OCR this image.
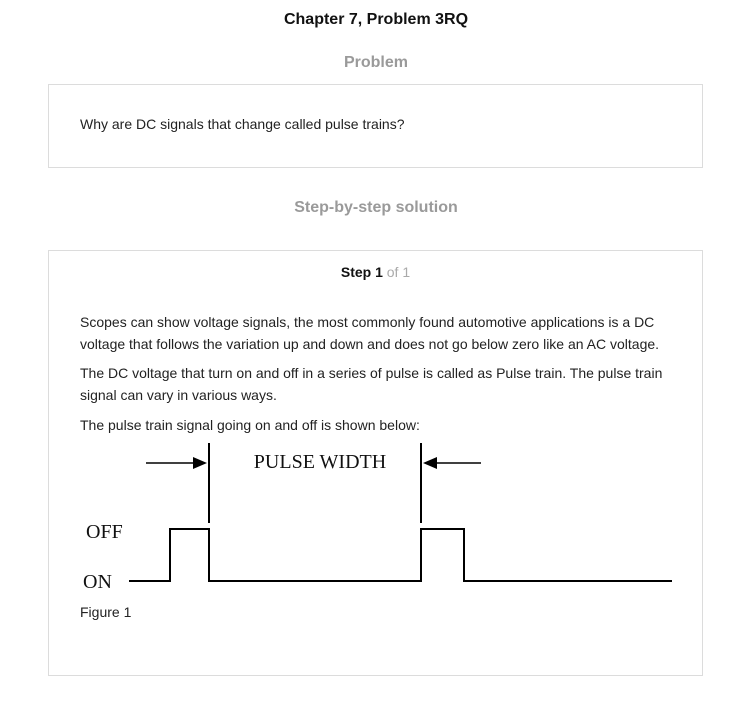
Chapter 7, Problem 3RQ
Problem
Why are DC signals that change called pulse trains?
Step-by-step solution
Step 1 of 1

Scopes can show voltage signals, the most commonly found automotive applications is a DC voltage that follows the variation up and down and does not go below zero like an AC voltage.

The DC voltage that turn on and off in a series of pulse is called as Pulse train. The pulse train signal can vary in various ways.

The pulse train signal going on and off is shown below:

PULSE WIDTH
OFF
ON
Figure 1
